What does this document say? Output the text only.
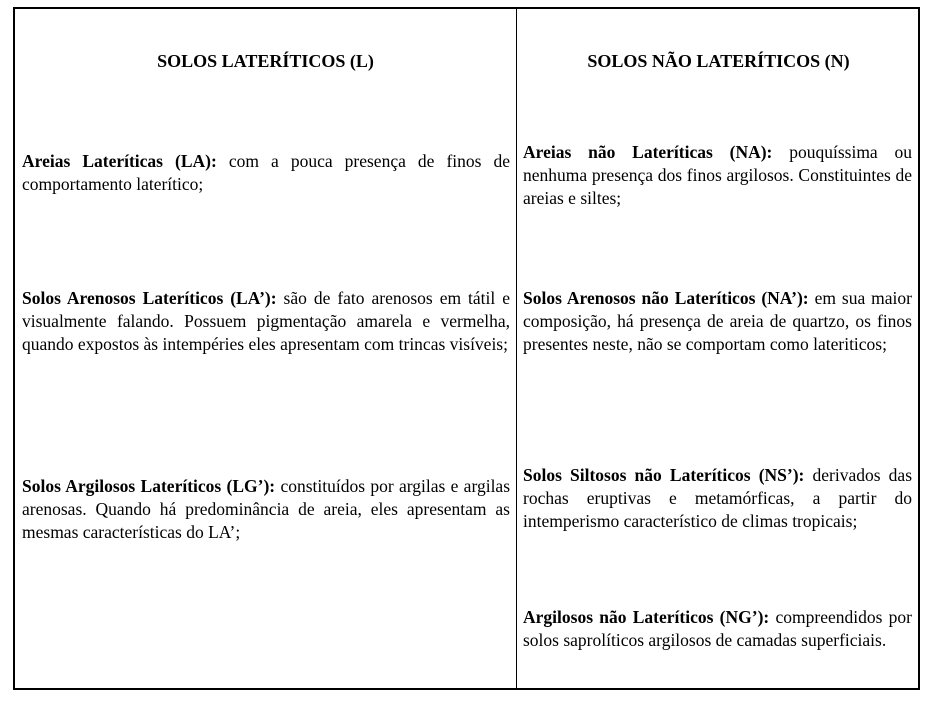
SOLOS LATERÍTICOS (L)	SOLOS NÃO LATERÍTICOS (N)
Areias Lateríticas (LA): com a pouca presença de finos de comportamento laterítico;
Solos Arenosos Lateríticos (LA’): são de fato arenosos em tátil e visualmente falando. Possuem pigmentação amarela e vermelha, quando expostos às intempéries eles apresentam com trincas visíveis;
Solos Argilosos Lateríticos (LG’): constituídos por argilas e argilas arenosas. Quando há predominância de areia, eles apresentam as mesmas características do LA’;
Areias não Lateríticas (NA): pouquíssima ou nenhuma presença dos finos argilosos. Constituintes de areias e siltes;
Solos Arenosos não Lateríticos (NA’): em sua maior composição, há presença de areia de quartzo, os finos presentes neste, não se comportam como lateriticos;
Solos Siltosos não Lateríticos (NS’): derivados das rochas eruptivas e metamórficas, a partir do intemperismo característico de climas tropicais;
Argilosos não Lateríticos (NG’): compreendidos por solos saprolíticos argilosos de camadas superficiais.
